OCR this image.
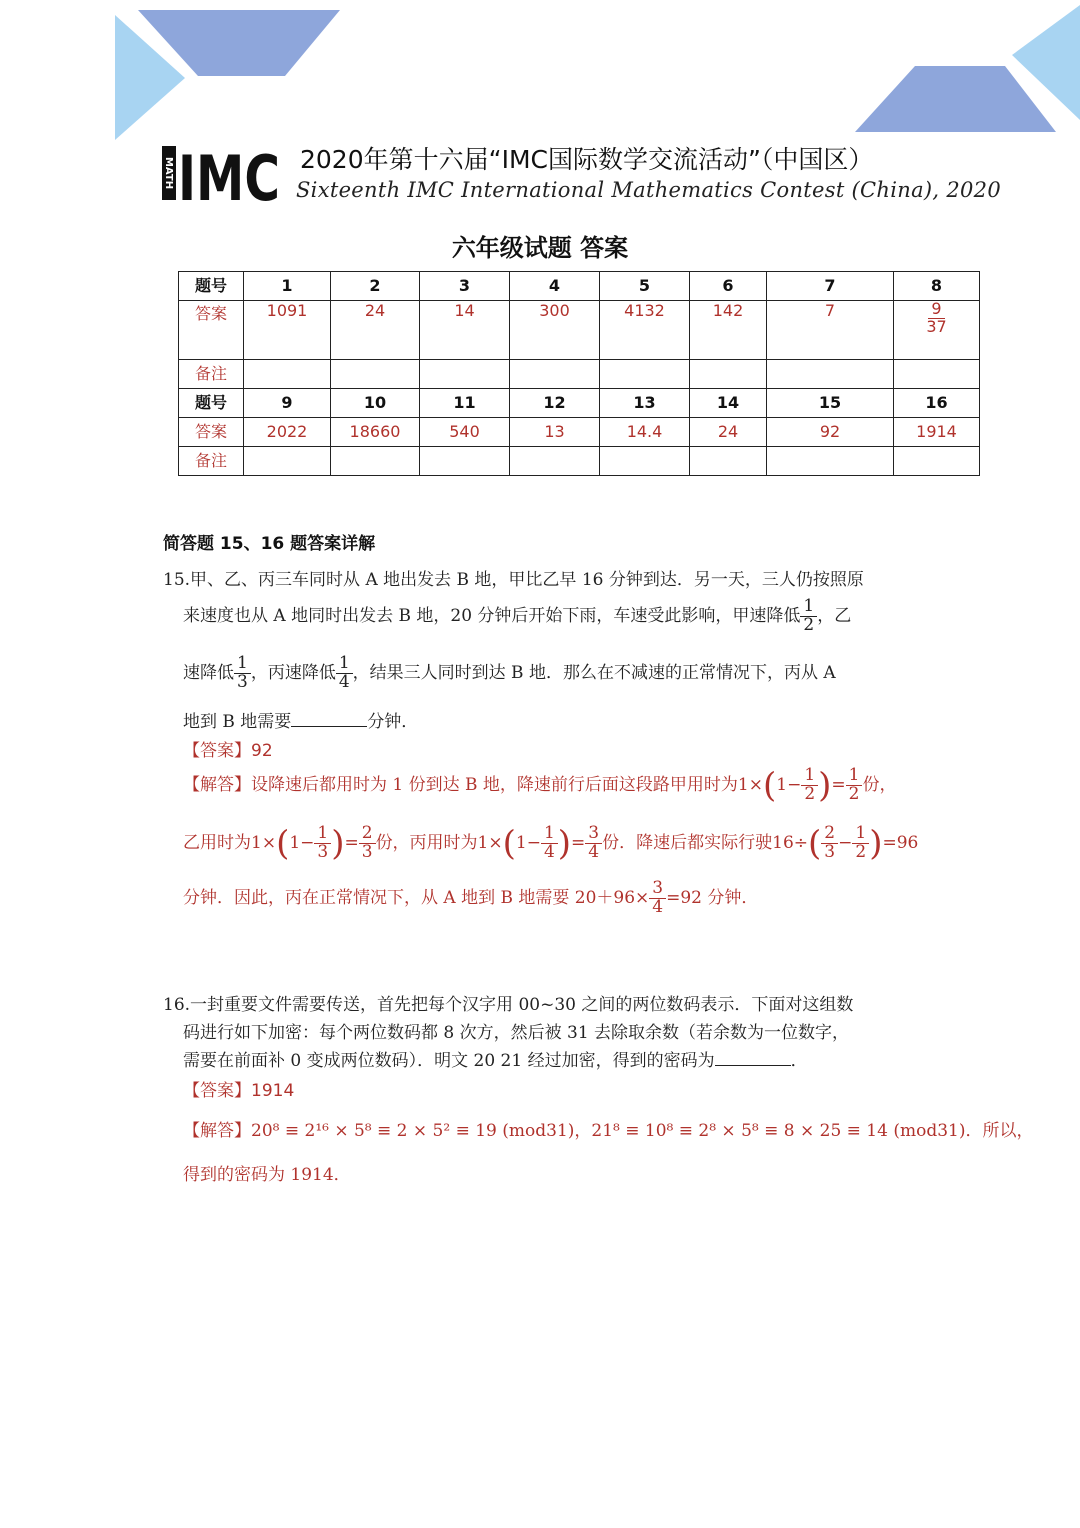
MATH IMC 2020年第十六届“IMC国际数学交流活动”（中国区）
Sixteenth IMC International Mathematics Contest (China), 2020
六年级试题 答案
题号	1	2	3	4	5	6	7	8
答案	1091	24	14	300	4132	142	7	$\frac{9}{37}$

备注								
题号	9	10	11	12	13	14	15	16
答案	2022	18660	540	13	14.4	24	92	1914
备注								
简答题 15、16 题答案详解
15.甲、乙、丙三车同时从 A 地出发去 B 地，甲比乙早 16 分钟到达．另一天，三人仍按照原
来速度也从 A 地同时出发去 B 地，20 分钟后开始下雨，车速受此影响，甲速降低 $\frac{1}{2}$ ，乙
速降低 $\frac{1}{3}$ ，丙速降低 $\frac{1}{4}$ ，结果三人同时到达 B 地．那么在不减速的正常情况下，丙从 A
地到 B 地需要	分钟．
【答案】92
【解答】设降速后都用时为 1 份到达 B 地，降速前行后面这段路甲用时为$1\times(1- \frac{1}{2}$ )= $\frac{1}{2}$ 份，
乙用时为$1\times(1- \frac{1}{3}$ )= $\frac{2}{3}$ 份，丙用时为$1\times(1- \frac{1}{4}$ )= $\frac{3}{4}$ 份．降速后都实际行驶$16\div( \frac{2}{3} - \frac{1}{2} )=96$
分钟．因此，丙在正常情况下，从 A 地到 B 地需要 $20+96\times \frac{3}{4} =92$ 分钟．
16.一封重要文件需要传送，首先把每个汉字用 00~30 之间的两位数码表示．下面对这组数
码进行如下加密：每个两位数码都 8 次方，然后被 31 去除取余数（若余数为一位数字，
需要在前面补 0 变成两位数码）．明文 20 21 经过加密，得到的密码为	．
【答案】1914
【解答】20⁸ ≡ 2¹⁶ × 5⁸ ≡ 2 × 5² ≡ 19 (mod31)，21⁸ ≡ 10⁸ ≡ 2⁸ × 5⁸ ≡ 8 × 25 ≡ 14 (mod31)．所以，
得到的密码为 1914．
